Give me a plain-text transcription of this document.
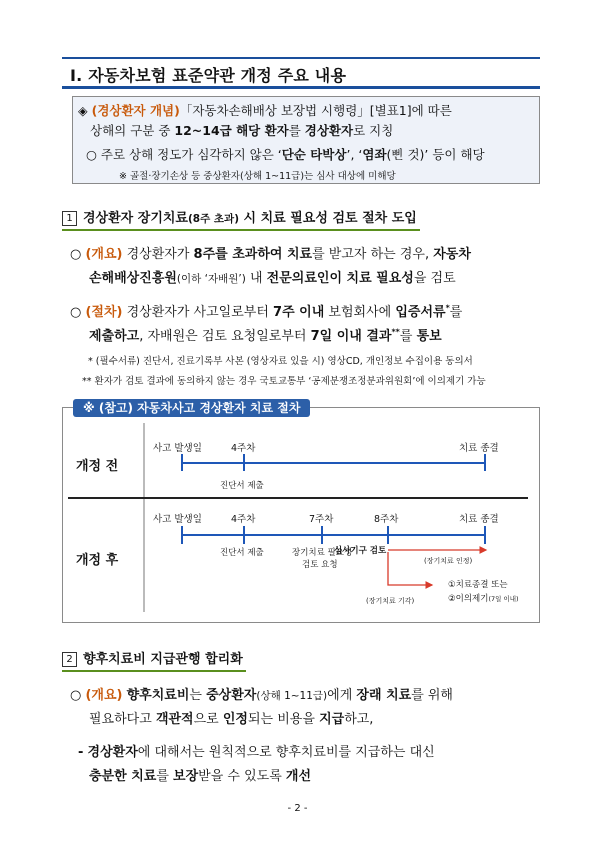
Ⅰ. 자동차보험 표준약관 개정 주요 내용
◈ (경상환자 개념)「자동차손해배상 보장법 시행령」[별표1]에 따른
상해의 구분 중 12~14급 해당 환자를 경상환자로 지칭
○ 주로 상해 정도가 심각하지 않은 ‘단순 타박상’, ‘염좌(삔 것)’ 등이 해당
※ 골절·장기손상 등 중상환자(상해 1~11급)는 심사 대상에 미해당
1 경상환자 장기치료(8주 초과) 시 치료 필요성 검토 절차 도입
○ (개요) 경상환자가 8주를 초과하여 치료를 받고자 하는 경우, 자동차
손해배상진흥원(이하 ‘자배원’) 내 전문의료인이 치료 필요성을 검토
○ (절차) 경상환자가 사고일로부터 7주 이내 보험회사에 입증서류*를
제출하고, 자배원은 검토 요청일로부터 7일 이내 결과**를 통보
* (필수서류) 진단서, 진료기록부 사본 (영상자료 있을 시) 영상CD, 개인정보 수집이용 동의서
** 환자가 검토 결과에 동의하지 않는 경우 국토교통부 ‘공제분쟁조정분과위원회’에 이의제기 가능
※ (참고) 자동차사고 경상환자 치료 절차
개정 전
사고 발생일	4주차	치료 종결
진단서 제출
개정 후
사고 발생일	4주차	7주차	8주차	치료 종결
진단서 제출	장기치료 필요성
검토 요청
심사기구 검토
(장기치료 인정)
(장기치료 기각)
①치료종결 또는
②이의제기(7일 이내)
2 향후치료비 지급관행 합리화
○ (개요) 향후치료비는 중상환자(상해 1~11급)에게 장래 치료를 위해
필요하다고 객관적으로 인정되는 비용을 지급하고,
- 경상환자에 대해서는 원칙적으로 향후치료비를 지급하는 대신
충분한 치료를 보장받을 수 있도록 개선
- 2 -
